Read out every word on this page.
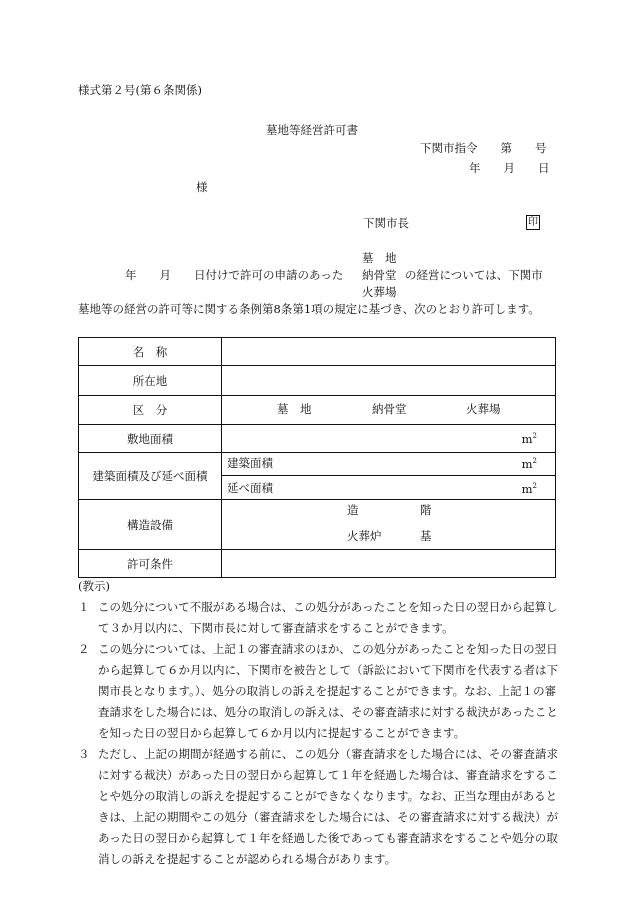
様式第２号(第６条関係)
墓地等経営許可書
下関市指令　　第　　号
年　　月　　日
様
下関市長	印
年　　月　　日付けで許可の申請のあった
墓　地
納骨堂
火葬場
の経営については、下関市
墓地等の経営の許可等に関する条例第8条第1項の規定に基づき、次のとおり許可します。
名　称	
所在地	
区　分	墓　地 納骨堂 火葬場

敷地面積	$m^2$

建築面積及び延べ面積	建築面積 $m^2$
延べ面積 $m^2$

構造設備	造 階
火葬炉 基

許可条件	
(教示)
１ この処分について不服がある場合は、この処分があったことを知った日の翌日から起算して３か月以内に、下関市長に対して審査請求をすることができます。
２ この処分については、上記１の審査請求のほか、この処分があったことを知った日の翌日から起算して６か月以内に、下関市を被告として（訴訟において下関市を代表する者は下関市長となります。）、処分の取消しの訴えを提起することができます。なお、上記１の審査請求をした場合には、処分の取消しの訴えは、その審査請求に対する裁決があったことを知った日の翌日から起算して６か月以内に提起することができます。
３ ただし、上記の期間が経過する前に、この処分（審査請求をした場合には、その審査請求に対する裁決）があった日の翌日から起算して１年を経過した場合は、審査請求をすることや処分の取消しの訴えを提起することができなくなります。なお、正当な理由があるときは、上記の期間やこの処分（審査請求をした場合には、その審査請求に対する裁決）があった日の翌日から起算して１年を経過した後であっても審査請求をすることや処分の取消しの訴えを提起することが認められる場合があります。
